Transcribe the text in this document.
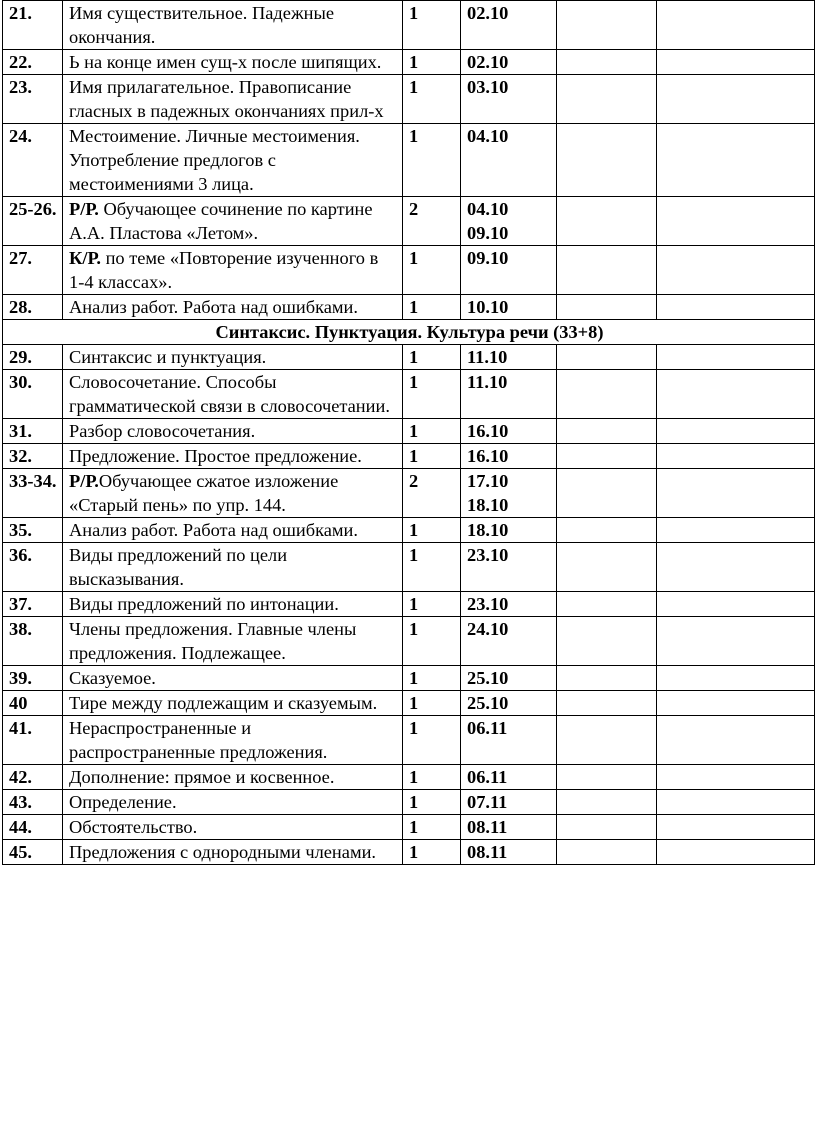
21.	Имя существительное. Падежные окончания.	1	02.10		

22.	Ь на конце имен сущ-х после шипящих.	1	02.10		

23.	Имя прилагательное. Правописание гласных в падежных окончаниях прил-х	1	03.10		

24.	Местоимение. Личные местоимения. Употребление предлогов с местоимениями 3 лица.	1	04.10		

25-26.	Р/Р. Обучающее сочинение по картине А.А. Пластова «Летом».	2	04.10
09.10		

27.	К/Р. по теме «Повторение изученного в 1-4 классах».	1	09.10		

28.	Анализ работ. Работа над ошибками.	1	10.10		

Синтаксис. Пунктуация. Культура речи (33+8)					
29.	Синтаксис и пунктуация.	1	11.10		

30.	Словосочетание. Способы грамматической связи в словосочетании.	1	11.10		

31.	Разбор словосочетания.	1	16.10		

32.	Предложение. Простое предложение.	1	16.10		

33-34.	Р/Р.Обучающее сжатое изложение «Старый пень» по упр. 144.	2	17.10
18.10		

35.	Анализ работ. Работа над ошибками.	1	18.10		

36.	Виды предложений по цели высказывания.	1	23.10		

37.	Виды предложений по интонации.	1	23.10		

38.	Члены предложения. Главные члены предложения. Подлежащее.	1	24.10		

39.	Сказуемое.	1	25.10		

40	Тире между подлежащим и сказуемым.	1	25.10		

41.	Нераспространенные и распространенные предложения.	1	06.11		

42.	Дополнение: прямое и косвенное.	1	06.11		

43.	Определение.	1	07.11		

44.	Обстоятельство.	1	08.11		

45.	Предложения с однородными членами.	1	08.11		
